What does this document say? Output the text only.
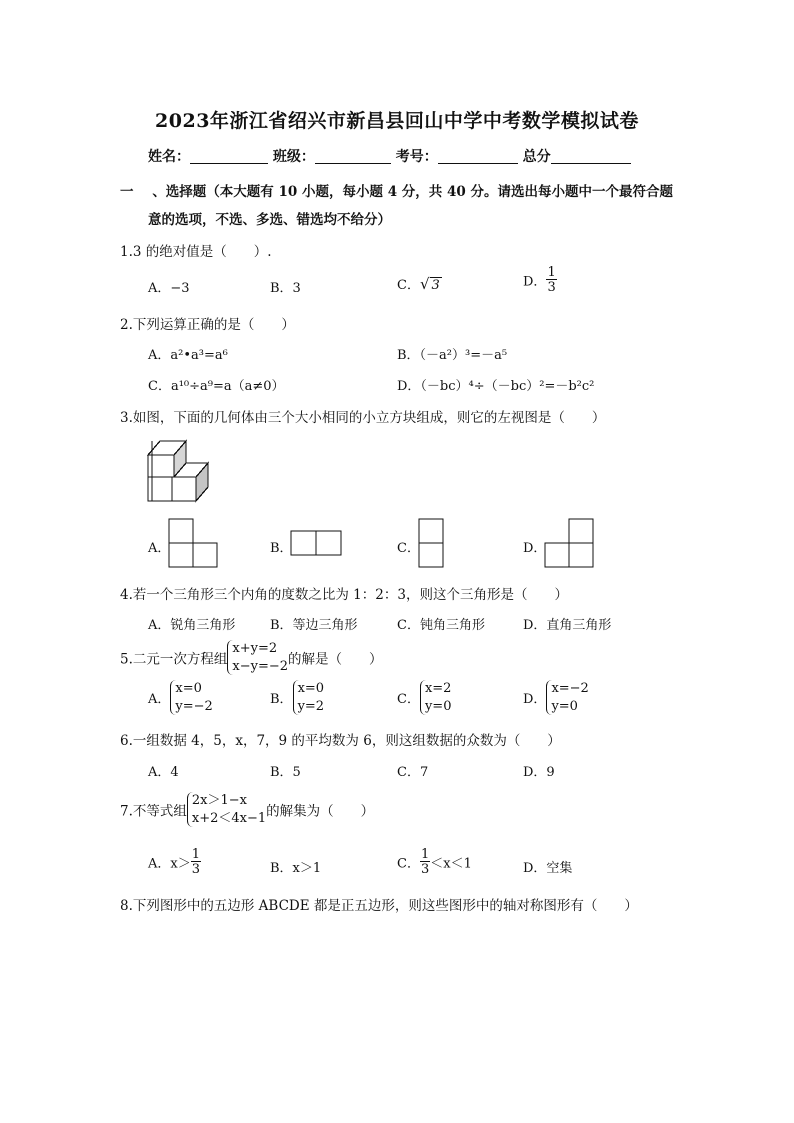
2023年浙江省绍兴市新昌县回山中学中考数学模拟试卷
姓名：	班级：	考号：	总分
一 、选择题（本大题有 10 小题，每小题 4 分，共 40 分。请选出每小题中一个最符合题
意的选项，不选、多选、错选均不给分）
1.3 的绝对值是（　　）.
A．−3	B．3	C．√ 3	D． $\frac{1}{3}$
2.下列运算正确的是（　　）
A．a²•a³=a⁶	B．（－a²）³=－a⁵
C．a¹⁰÷a⁹=a（a≠0）	D．（－bc）⁴÷（－bc）²=－b²c²
3.如图，下面的几何体由三个大小相同的小立方块组成，则它的左视图是（　　）
A．	B．	C．	D．
4.若一个三角形三个内角的度数之比为 1：2：3，则这个三角形是（　　）
A．锐角三角形	B．等边三角形	C．钝角三角形	D．直角三角形
5.二元一次方程组
x+y=2
x−y=−2 的解是（　　）
A．
x=0
y=−2	B．
x=0
y=2	C．
x=2
y=0	D．
x=−2
y=0
6.一组数据 4，5，x，7，9 的平均数为 6，则这组数据的众数为（　　）
A．4	B．5	C．7	D．9
7.不等式组
2x＞1−x
x+2＜4x−1 的解集为（　　）
A．$x> \frac{1}{3}$	B．x＞1	C． $\frac{1}{3} <x<1$	D．空集
8.下列图形中的五边形 ABCDE 都是正五边形，则这些图形中的轴对称图形有（　　）
